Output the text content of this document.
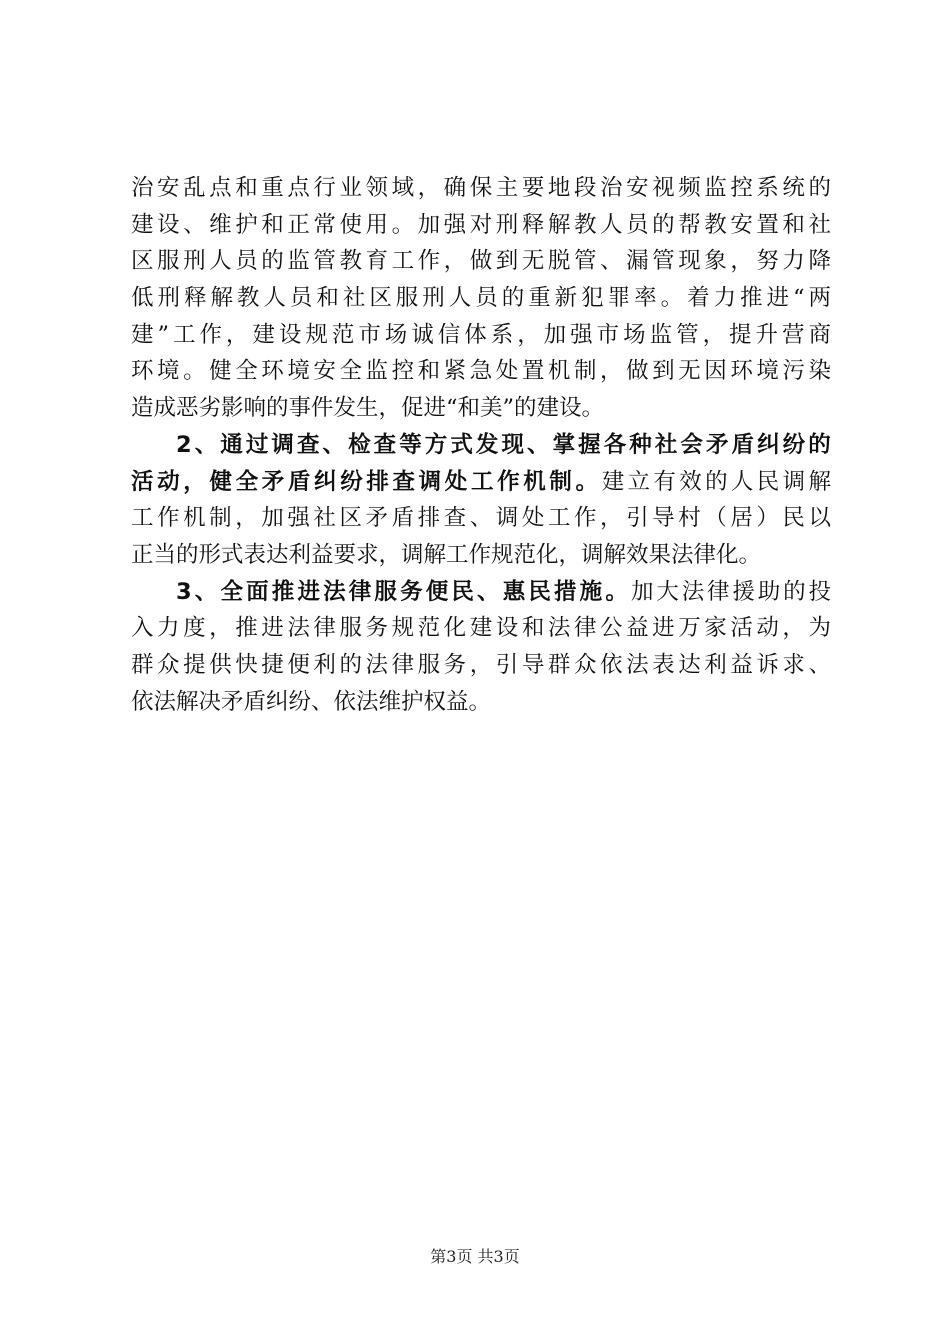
治安乱点和重点行业领域，确保主要地段治安视频监控系统的
建设、维护和正常使用。加强对刑释解教人员的帮教安置和社
区服刑人员的监管教育工作，做到无脱管、漏管现象，努力降
低刑释解教人员和社区服刑人员的重新犯罪率。着力推进“两
建”工作，建设规范市场诚信体系，加强市场监管，提升营商
环境。健全环境安全监控和紧急处置机制，做到无因环境污染
造成恶劣影响的事件发生，促进“和美”的建设。
2、通过调查、检查等方式发现、掌握各种社会矛盾纠纷的
活动，健全矛盾纠纷排查调处工作机制。建立有效的人民调解
工作机制，加强社区矛盾排查、调处工作，引导村（居）民以
正当的形式表达利益要求，调解工作规范化，调解效果法律化。
3、全面推进法律服务便民、惠民措施。加大法律援助的投
入力度，推进法律服务规范化建设和法律公益进万家活动，为
群众提供快捷便利的法律服务，引导群众依法表达利益诉求、
依法解决矛盾纠纷、依法维护权益。
第3页 共3页
